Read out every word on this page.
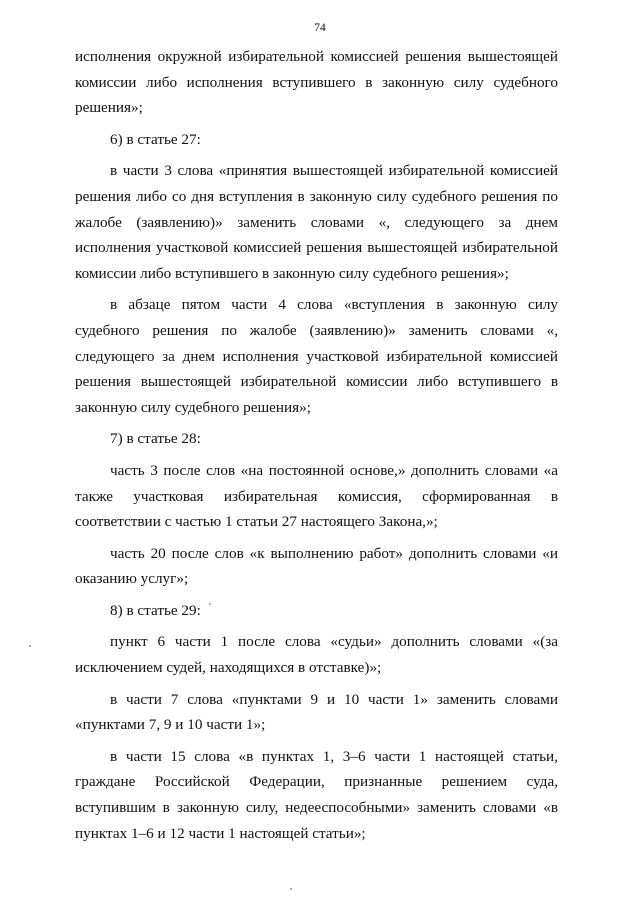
74

исполнения окружной избирательной комиссией решения вышестоящей комиссии либо исполнения вступившего в законную силу судебного решения»;

6) в статье 27:

в части 3 слова «принятия вышестоящей избирательной комиссией решения либо со дня вступления в законную силу судебного решения по жалобе (заявлению)» заменить словами «, следующего за днем исполнения участковой комиссией решения вышестоящей избирательной комиссии либо вступившего в законную силу судебного решения»;

в абзаце пятом части 4 слова «вступления в законную силу судебного решения по жалобе (заявлению)» заменить словами «, следующего за днем исполнения участковой избирательной комиссией решения вышестоящей избирательной комиссии либо вступившего в законную силу судебного решения»;

7) в статье 28:

часть 3 после слов «на постоянной основе,» дополнить словами «а также участковая избирательная комиссия, сформированная в соответствии с частью 1 статьи 27 настоящего Закона,»;

часть 20 после слов «к выполнению работ» дополнить словами «и оказанию услуг»;

8) в статье 29:

пункт 6 части 1 после слова «судьи» дополнить словами «(за исключением судей, находящихся в отставке)»;

в части 7 слова «пунктами 9 и 10 части 1» заменить словами «пунктами 7, 9 и 10 части 1»;

в части 15 слова «в пунктах 1, 3–6 части 1 настоящей статьи, граждане Российской Федерации, признанные решением суда, вступившим в законную силу, недееспособными» заменить словами «в пунктах 1–6 и 12 части 1 настоящей статьи»;
